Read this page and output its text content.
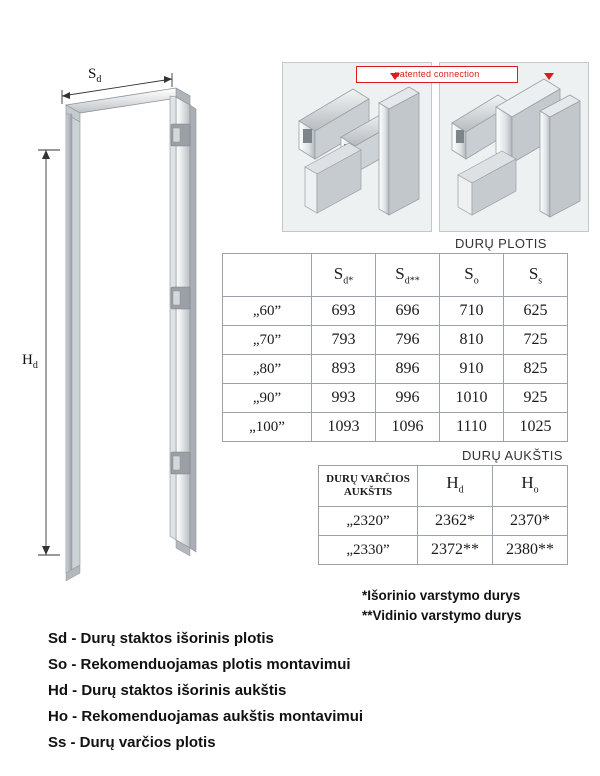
$S_d$
$H_d$
patented connection
DURŲ PLOTIS
	$S_{d*}$	$S_{d**}$	$S_o$	$S_s$
„60”	693	696	710	625
„70”	793	796	810	725
„80”	893	896	910	825
„90”	993	996	1010	925
„100”	1093	1096	1110	1025
DURŲ AUKŠTIS
DURŲ VARČIOS AUKŠTIS	$H_d$	$H_o$
„2320”	2362*	2370*
„2330”	2372**	2380**
*Išorinio varstymo durys
**Vidinio varstymo durys
Sd - Durų staktos išorinis plotis
So - Rekomenduojamas plotis montavimui
Hd - Durų staktos išorinis aukštis
Ho - Rekomenduojamas aukštis montavimui
Ss - Durų varčios plotis
